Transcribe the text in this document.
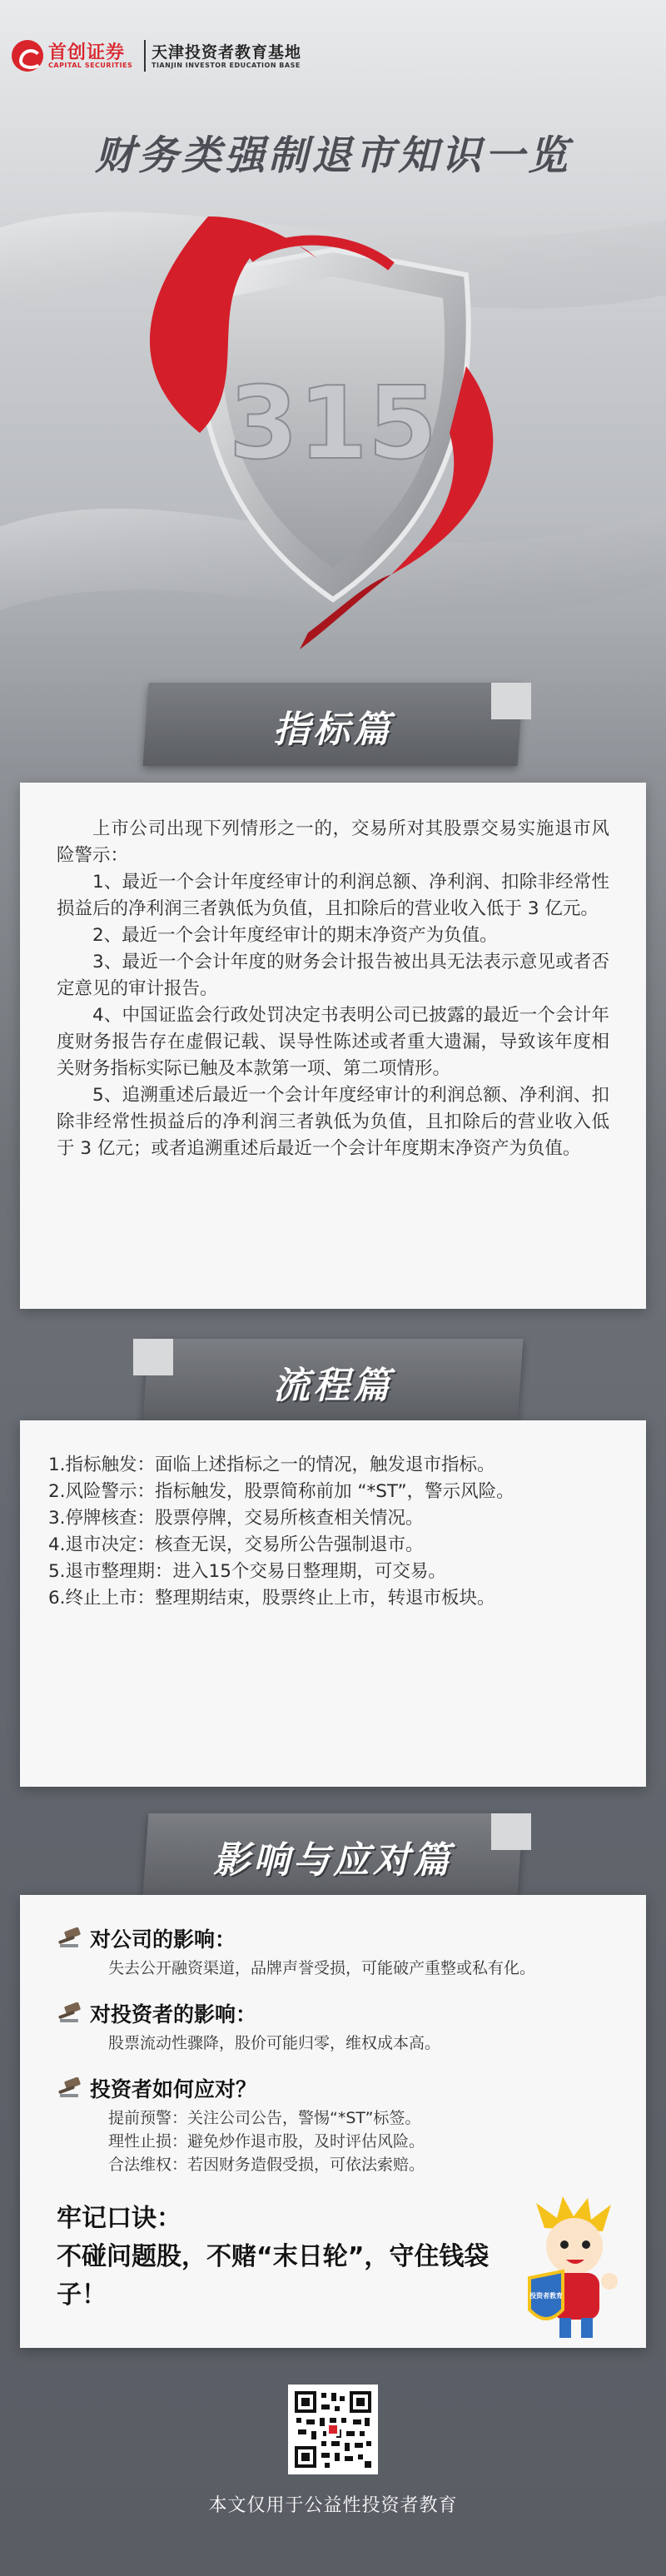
首创证券
CAPITAL SECURITIES
天津投资者教育基地
TIANJIN INVESTOR EDUCATION BASE
财务类强制退市知识一览
315
指标篇

上市公司出现下列情形之一的，交易所对其股票交易实施退市风险警示：

1、最近一个会计年度经审计的利润总额、净利润、扣除非经常性损益后的净利润三者孰低为负值，且扣除后的营业收入低于 3 亿元。

2、最近一个会计年度经审计的期末净资产为负值。

3、最近一个会计年度的财务会计报告被出具无法表示意见或者否定意见的审计报告。

4、中国证监会行政处罚决定书表明公司已披露的最近一个会计年度财务报告存在虚假记载、误导性陈述或者重大遗漏，导致该年度相关财务指标实际已触及本款第一项、第二项情形。

5、追溯重述后最近一个会计年度经审计的利润总额、净利润、扣除非经常性损益后的净利润三者孰低为负值，且扣除后的营业收入低于 3 亿元；或者追溯重述后最近一个会计年度期末净资产为负值。

流程篇

1.指标触发：面临上述指标之一的情况，触发退市指标。

2.风险警示：指标触发，股票简称前加 “*ST”，警示风险。

3.停牌核查：股票停牌，交易所核查相关情况。

4.退市决定：核查无误，交易所公告强制退市。

5.退市整理期：进入15个交易日整理期，可交易。

6.终止上市：整理期结束，股票终止上市，转退市板块。

影响与应对篇
对公司的影响：
失去公开融资渠道，品牌声誉受损，可能破产重整或私有化。
对投资者的影响：
股票流动性骤降，股价可能归零，维权成本高。
投资者如何应对？
提前预警：关注公司公告，警惕“*ST”标签。
理性止损：避免炒作退市股，及时评估风险。
合法维权：若因财务造假受损，可依法索赔。
牢记口诀：
不碰问题股，不赌“末日轮”，守住钱袋子！	投资者教育
本文仅用于公益性投资者教育
